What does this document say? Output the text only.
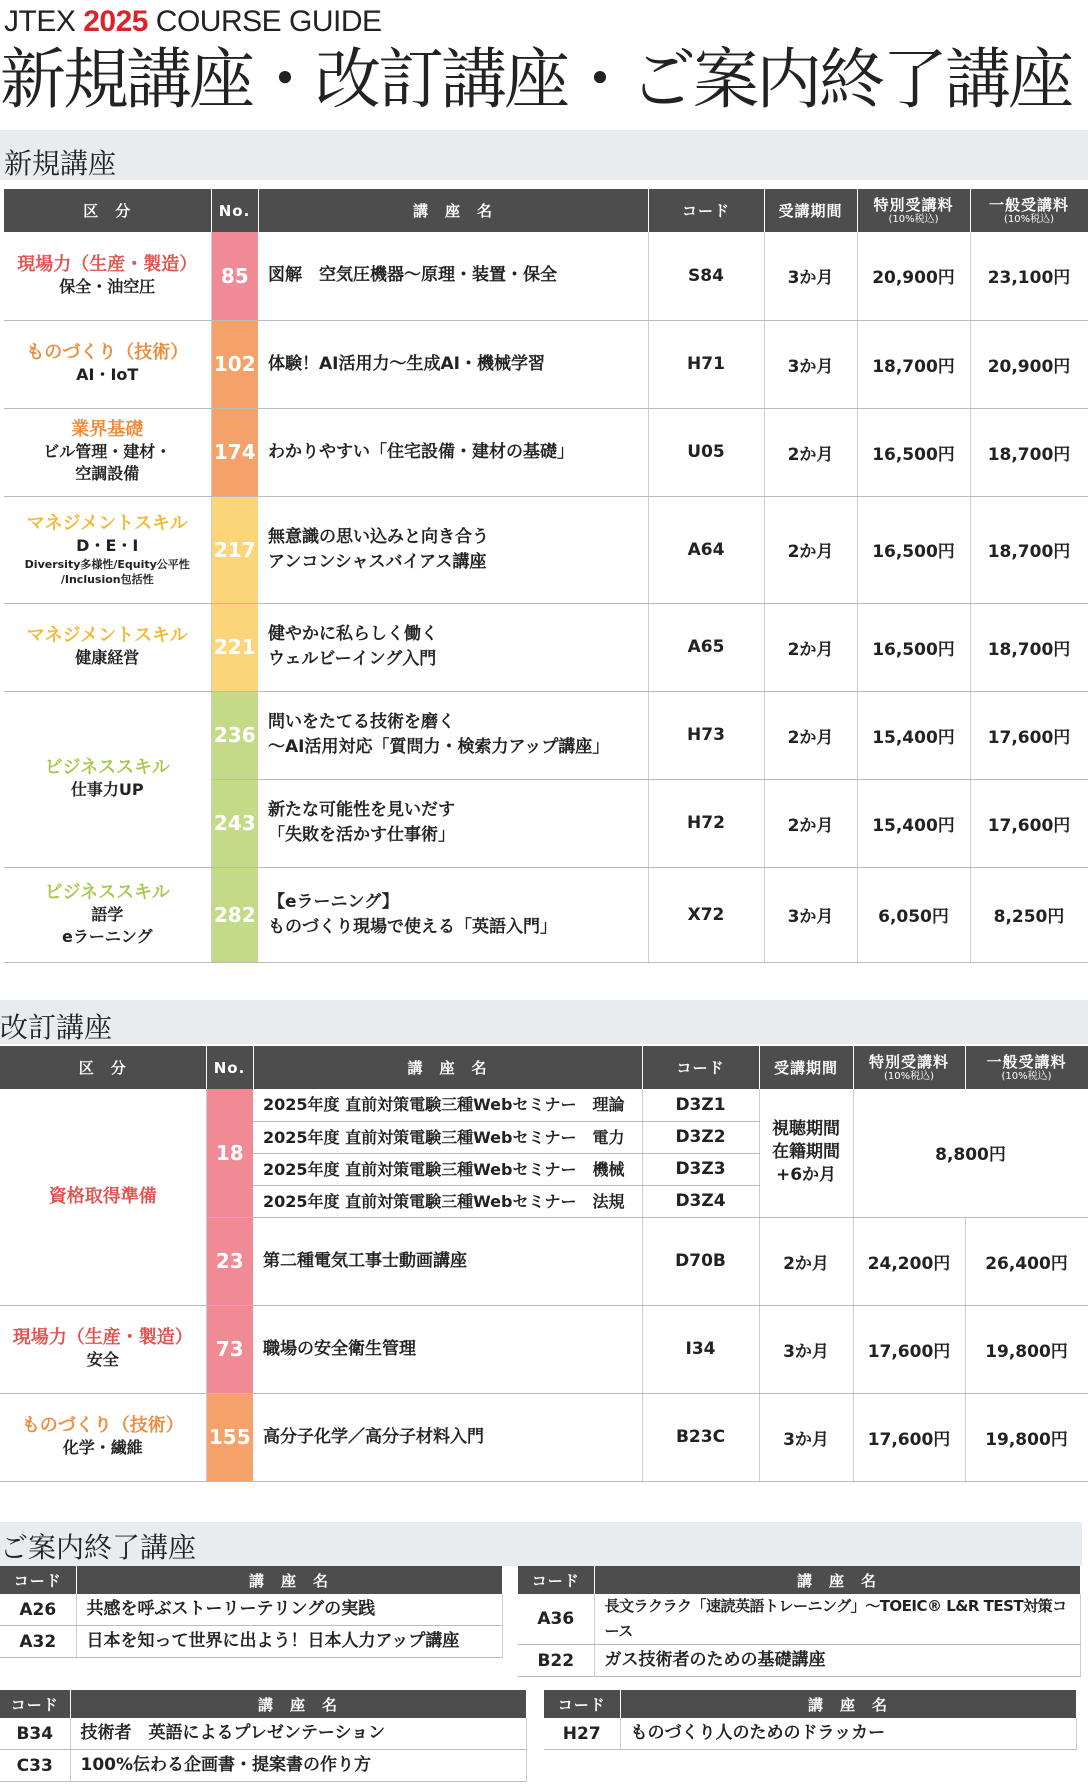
JTEX 2025 COURSE GUIDE
新規講座・改訂講座・ご案内終了講座
新規講座
区　分	No.	講　座　名	コード	受講期間	特別受講料
(10%税込)	一般受講料
(10%税込)

現場力（生産・製造）
保全・油空圧	85	図解　空気圧機器～原理・装置・保全	S84	3か月	20,900円	23,100円

ものづくり（技術）
AI・IoT	102	体験！AI活用力～生成AI・機械学習	H71	3か月	18,700円	20,900円

業界基礎
ビル管理・建材・
空調設備	174	わかりやすい「住宅設備・建材の基礎」	U05	2か月	16,500円	18,700円

マネジメントスキル
D・E・I
Diversity多様性/Equity公平性
/Inclusion包括性	217	無意識の思い込みと向き合う
アンコンシャスバイアス講座	A64	2か月	16,500円	18,700円

マネジメントスキル
健康経営	221	健やかに私らしく働く
ウェルビーイング入門	A65	2か月	16,500円	18,700円

ビジネススキル
仕事力UP	236	問いをたてる技術を磨く
～AI活用対応「質問力・検索力アップ講座」	H73	2か月	15,400円	17,600円
	243	新たな可能性を見いだす
「失敗を活かす仕事術」	H72	2か月	15,400円	17,600円

ビジネススキル
語学
eラーニング	282	【eラーニング】
ものづくり現場で使える「英語入門」	X72	3か月	6,050円	8,250円
改訂講座
区　分	No.	講　座　名	コード	受講期間	特別受講料
(10%税込)	一般受講料
(10%税込)

資格取得準備	18	2025年度 直前対策電験三種Webセミナー　理論	D3Z1	視聴期間
在籍期間
+6か月	8,800円	
		2025年度 直前対策電験三種Webセミナー　電力	D3Z2			
		2025年度 直前対策電験三種Webセミナー　機械	D3Z3			
		2025年度 直前対策電験三種Webセミナー　法規	D3Z4			
	23	第二種電気工事士動画講座	D70B	2か月	24,200円	26,400円

現場力（生産・製造）
安全	73	職場の安全衛生管理	I34	3か月	17,600円	19,800円

ものづくり（技術）
化学・繊維	155	高分子化学／高分子材料入門	B23C	3か月	17,600円	19,800円
ご案内終了講座
コード	講　座　名
A26	共感を呼ぶストーリーテリングの実践
A32	日本を知って世界に出よう！日本人力アップ講座
コード	講　座　名
A36	長文ラクラク「速読英語トレーニング」～TOEIC® L&R TEST対策コース
B22	ガス技術者のための基礎講座
コード	講　座　名
B34	技術者　英語によるプレゼンテーション
C33	100%伝わる企画書・提案書の作り方
コード	講　座　名
H27	ものづくり人のためのドラッカー
